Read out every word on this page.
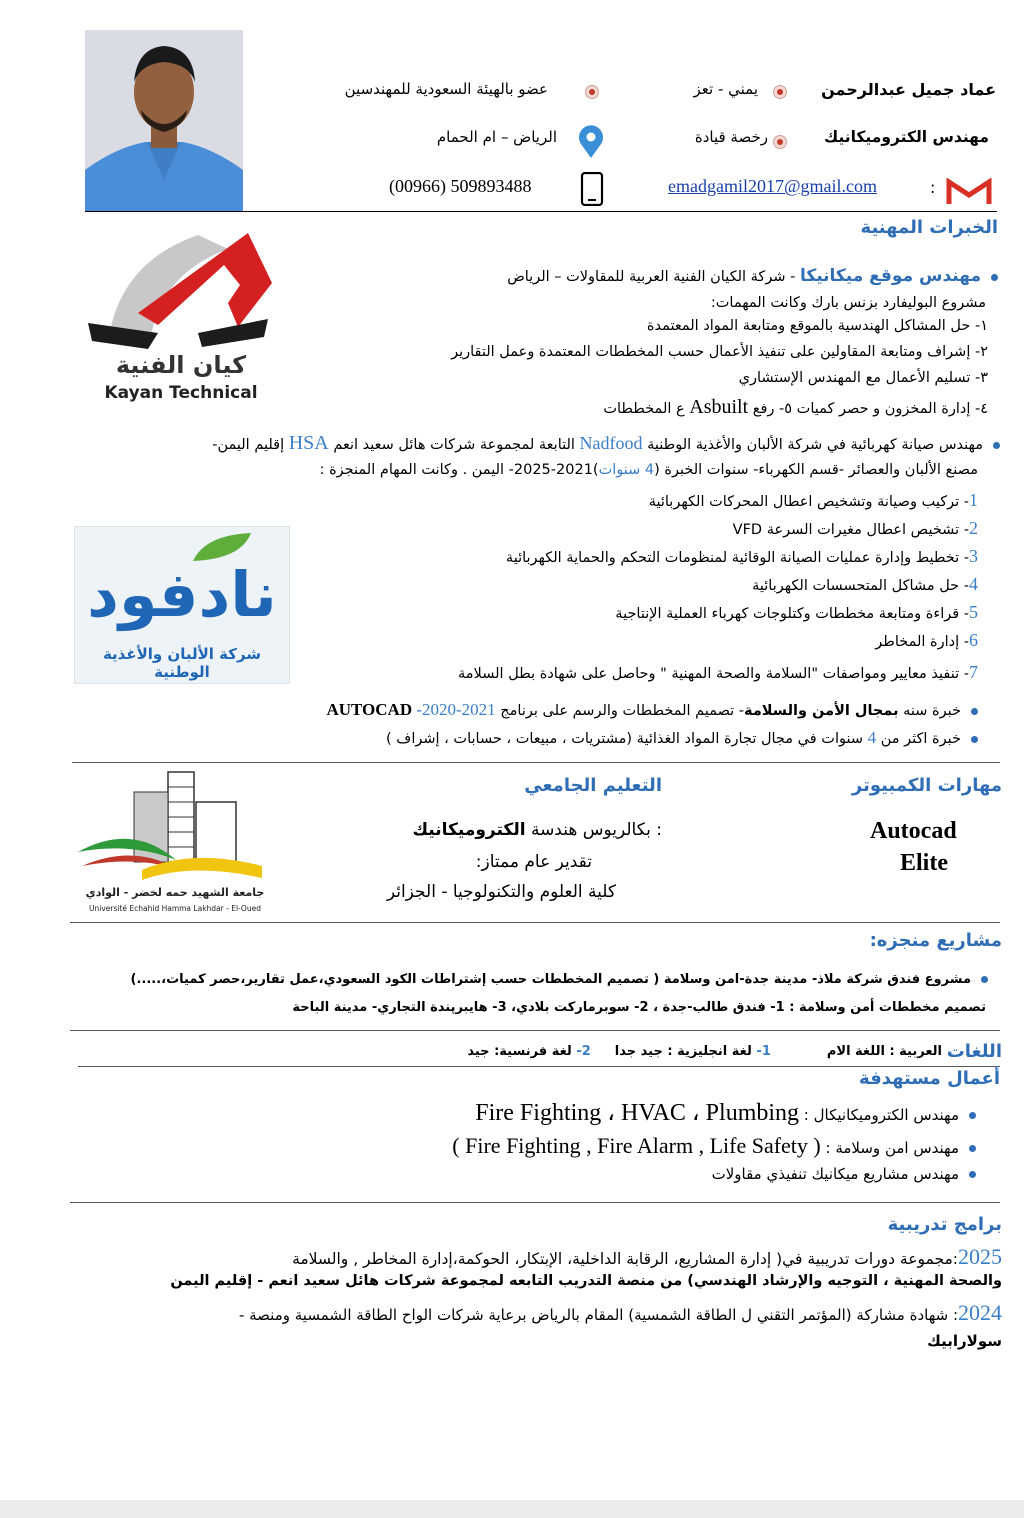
عماد جميل عبدالرحمن
يمني - تعز
عضو بالهيئة السعودية للمهندسين
مهندس الكتروميكانيك
رخصة قيادة
الرياض – ام الحمام
:
emadgamil2017@gmail.com
(00966) 509893488
الخبرات المهنية
كيان الفنية
Kayan Technical
مهندس موقع ميكانيكا - شركة الكيان الفنية العربية للمقاولات – الرياض
مشروع البوليفارد بزنس بارك وكانت المهمات:
١- حل المشاكل الهندسية بالموقع ومتابعة المواد المعتمدة
٢- إشراف ومتابعة المقاولين على تنفيذ الأعمال حسب المخططات المعتمدة وعمل التقارير
٣- تسليم الأعمال مع المهندس الإستشاري
٤- إدارة المخزون و حصر كميات ٥- رفع Asbuilt ع المخططات
مهندس صيانة كهربائية في شركة الألبان والأغذية الوطنية Nadfood التابعة لمجموعة شركات هائل سعيد انعم HSA إقليم اليمن-
مصنع الألبان والعصائر -قسم الكهرباء- سنوات الخبرة (4 سنوات)2021-2025- اليمن . وكانت المهام المنجزة :
1- تركيب وصيانة وتشخيص اعطال المحركات الكهربائية
2- تشخيص اعطال مغيرات السرعة VFD
3- تخطيط وإدارة عمليات الصيانة الوقائية لمنظومات التحكم والحماية الكهربائية
4- حل مشاكل المتحسسات الكهربائية
5- قراءة ومتابعة مخططات وكتلوجات كهرباء العملية الإنتاجية
6- إدارة المخاطر
7- تنفيذ معايير ومواصفات "السلامة والصحة المهنية " وحاصل على شهادة بطل السلامة
نادفود
شركة الألبان والأغذية الوطنية
خبرة سنه بمجال الأمن والسلامة- تصميم المخططات والرسم على برنامج AUTOCAD -2020-2021
خبرة اكثر من 4 سنوات في مجال تجارة المواد الغذائية (مشتريات ، مبيعات ، حسابات ، إشراف )
مهارات الكمبيوتر
Autocad
Elite
التعليم الجامعي
: بكالريوس هندسة الكتروميكانيك
تقدير عام ممتاز:
كلية العلوم والتكنولوجيا - الجزائر
جامعة الشهيد حمه لخضر - الوادي
Université Echahid Hamma Lakhdar - El-Oued
مشاريع منجزه:
مشروع فندق شركة ملاذ- مدينة جدة-امن وسلامة ( تصميم المخططات حسب إشتراطات الكود السعودي،عمل تقارير،حصر كميات،.....)
تصميم مخططات أمن وسلامة : 1- فندق طالب-جدة ، 2- سوبرماركت بلادي، 3- هايبرپندة التجاري- مدينة الباحة
اللغات
العربية : اللغة الام1- لغة انجليزية : جيد جدا2- لغة فرنسية: جيد
أعمال مستهدفة
مهندس الكتروميكانيكال : Fire Fighting ، HVAC ، Plumbing
مهندس امن وسلامة : ( Fire Fighting , Fire Alarm , Life Safety )
مهندس مشاريع ميكانيك تنفيذي مقاولات
برامج تدريبية
2025:مجموعة دورات تدريبية في( إدارة المشاريع، الرقابة الداخلية، الإبتكار، الحوكمة،إدارة المخاطر , والسلامة
والصحة المهنية ، التوجيه والإرشاد الهندسي) من منصة التدريب التابعه لمجموعة شركات هائل سعيد انعم - إقليم اليمن
2024: شهادة مشاركة (المؤتمر التقني ل الطاقة الشمسية) المقام بالرياض برعاية شركات الواح الطاقة الشمسية ومنصة -
سولارابيك
